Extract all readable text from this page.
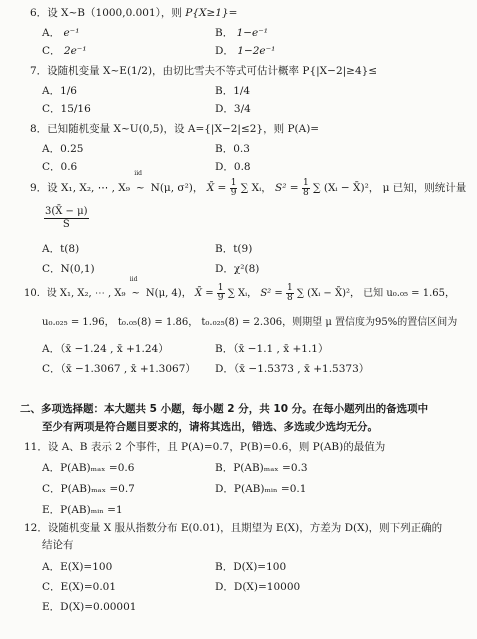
6．设 X~B（1000,0.001），则 P{X≥1}=
A． e⁻¹	B． 1−e⁻¹
C． 2e⁻¹	D． 1−2e⁻¹
7．设随机变量 X~E(1/2)，由切比雪夫不等式可估计概率 P{|X−2|≥4}≤
A．1/6	B．1/4
C．15/16	D．3/4
8．已知随机变量 X~U(0,5)，设 A={|X−2|≤2}，则 P(A)=
A．0.25	B．0.3
C．0.6	D．0.8
9．设 X₁, X₂, ⋯ , X₉
iid
~ N(μ, σ²)， X̄ = $\frac{1}{9}$ ∑ Xᵢ， $S^2 = \frac{1}{8}$ ∑ (Xᵢ − X̄)²， μ 已知，则统计量
$\frac{3(X̄ - \mu)}{S}$
A．t(8)	B．t(9)
C．N(0,1)	D．χ²(8)
10．设 X₁, X₂, ⋯ , X₉
iid
~ N(μ, 4)， X̄ = $\frac{1}{9}$ ∑ Xᵢ， $S^2 = \frac{1}{8}$ ∑ (Xᵢ − X̄)²， 已知 u₀.₀₅ = 1.65，
u₀.₀₂₅ = 1.96， t₀.₀₅(8) = 1.86， t₀.₀₂₅(8) = 2.306，则期望 μ 置信度为95%的置信区间为
A．（x̄ −1.24 , x̄ +1.24）	B．（x̄ −1.1 , x̄ +1.1）
C．（x̄ −1.3067 , x̄ +1.3067） D．（x̄ −1.5373 , x̄ +1.5373）
二、多项选择题：本大题共 5 小题，每小题 2 分，共 10 分。在每小题列出的备选项中
至少有两项是符合题目要求的，请将其选出，错选、多选或少选均无分。
11．设 A、B 表示 2 个事件，且 P(A)=0.7，P(B)=0.6，则 P(AB)的最值为
A．P(AB)ₘₐₓ =0.6	B．P(AB)ₘₐₓ =0.3
C．P(AB)ₘₐₓ =0.7	D．P(AB)ₘᵢₙ =0.1
E．P(AB)ₘᵢₙ =1
12．设随机变量 X 服从指数分布 E(0.01)，且期望为 E(X)，方差为 D(X)，则下列正确的
结论有
A．E(X)=100	B．D(X)=100
C．E(X)=0.01	D．D(X)=10000
E．D(X)=0.00001
